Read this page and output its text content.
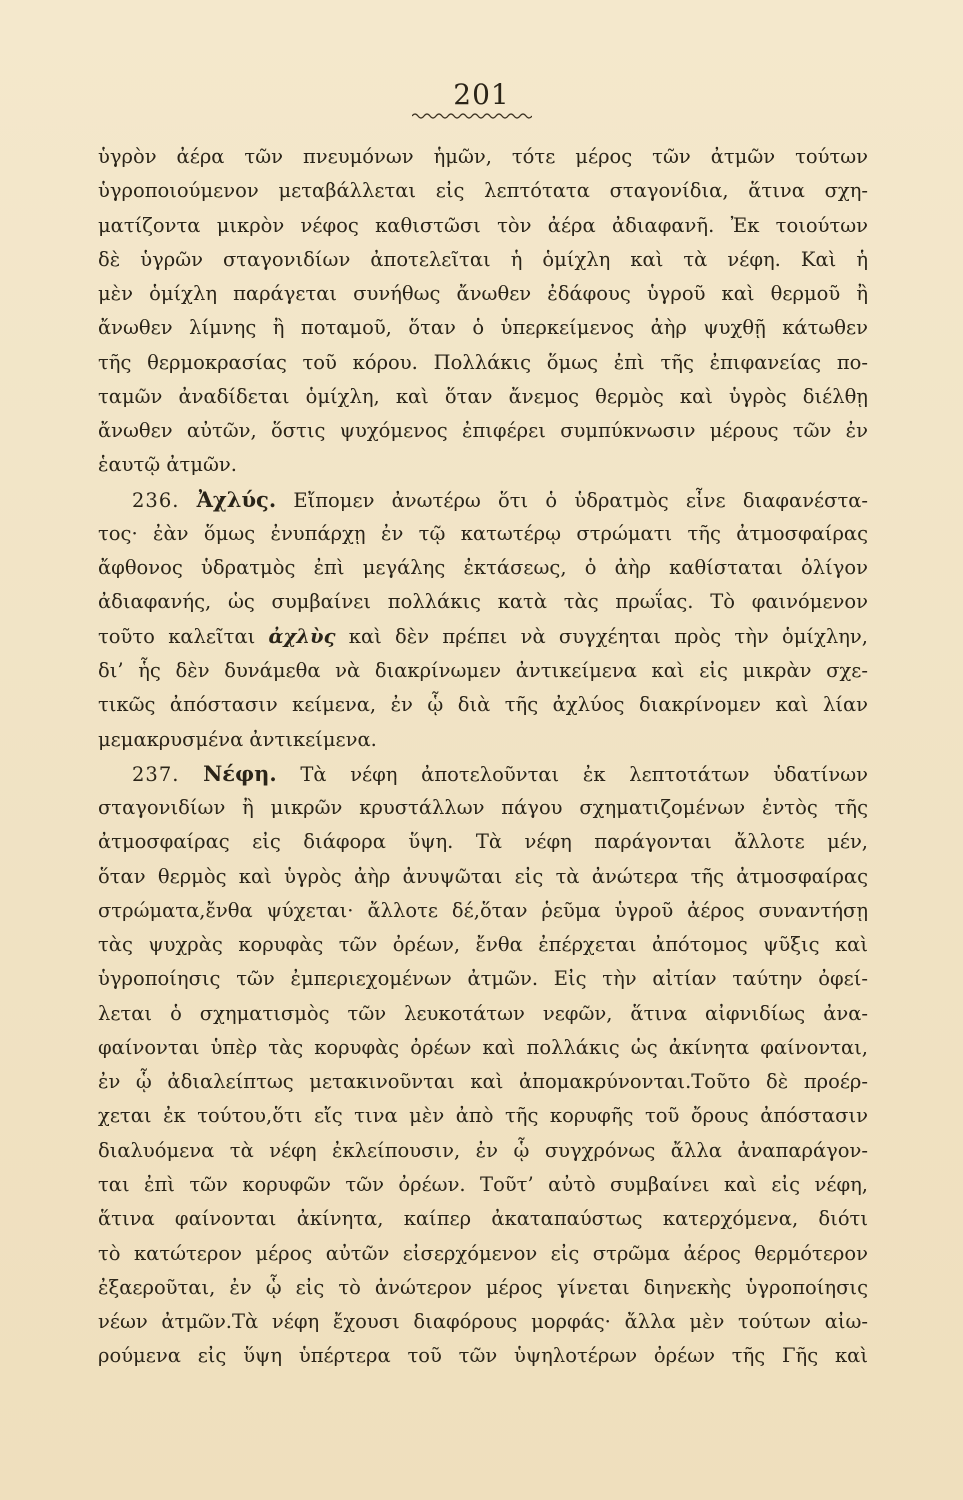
201
ὑγρὸν ἀέρα τῶν πνευμόνων ἡμῶν, τότε μέρος τῶν ἀτμῶν τούτων
ὑγροποιούμενον μεταβάλλεται εἰς λεπτότατα σταγονίδια, ἅτινα σχη-
ματίζοντα μικρὸν νέφος καθιστῶσι τὸν ἀέρα ἀδιαφανῆ. Ἐκ τοιούτων
δὲ ὑγρῶν σταγονιδίων ἀποτελεῖται ἡ ὁμίχλη καὶ τὰ νέφη. Καὶ ἡ
μὲν ὁμίχλη παράγεται συνήθως ἄνωθεν ἐδάφους ὑγροῦ καὶ θερμοῦ ἢ
ἄνωθεν λίμνης ἢ ποταμοῦ, ὅταν ὁ ὑπερκείμενος ἀὴρ ψυχθῇ κάτωθεν
τῆς θερμοκρασίας τοῦ κόρου. Πολλάκις ὅμως ἐπὶ τῆς ἐπιφανείας πο-
ταμῶν ἀναδίδεται ὁμίχλη, καὶ ὅταν ἄνεμος θερμὸς καὶ ὑγρὸς διέλθῃ
ἄνωθεν αὐτῶν, ὅστις ψυχόμενος ἐπιφέρει συμπύκνωσιν μέρους τῶν ἐν
ἑαυτῷ ἀτμῶν.
236. Ἀχλύς. Εἴπομεν ἀνωτέρω ὅτι ὁ ὑδρατμὸς εἶνε διαφανέστα-
τος· ἐὰν ὅμως ἐνυπάρχῃ ἐν τῷ κατωτέρῳ στρώματι τῆς ἀτμοσφαίρας
ἄφθονος ὑδρατμὸς ἐπὶ μεγάλης ἐκτάσεως, ὁ ἀὴρ καθίσταται ὀλίγον
ἀδιαφανής, ὡς συμβαίνει πολλάκις κατὰ τὰς πρωΐας. Τὸ φαινόμενον
τοῦτο καλεῖται ἀχλὺς καὶ δὲν πρέπει νὰ συγχέηται πρὸς τὴν ὁμίχλην,
δι’ ἧς δὲν δυνάμεθα νὰ διακρίνωμεν ἀντικείμενα καὶ εἰς μικρὰν σχε-
τικῶς ἀπόστασιν κείμενα, ἐν ᾧ διὰ τῆς ἀχλύος διακρίνομεν καὶ λίαν
μεμακρυσμένα ἀντικείμενα.
237. Νέφη. Τὰ νέφη ἀποτελοῦνται ἐκ λεπτοτάτων ὑδατίνων
σταγονιδίων ἢ μικρῶν κρυστάλλων πάγου σχηματιζομένων ἐντὸς τῆς
ἀτμοσφαίρας εἰς διάφορα ὕψη. Τὰ νέφη παράγονται ἄλλοτε μέν,
ὅταν θερμὸς καὶ ὑγρὸς ἀὴρ ἀνυψῶται εἰς τὰ ἀνώτερα τῆς ἀτμοσφαίρας
στρώματα,ἔνθα ψύχεται· ἄλλοτε δέ,ὅταν ῥεῦμα ὑγροῦ ἀέρος συναντήσῃ
τὰς ψυχρὰς κορυφὰς τῶν ὀρέων, ἔνθα ἐπέρχεται ἀπότομος ψῦξις καὶ
ὑγροποίησις τῶν ἐμπεριεχομένων ἀτμῶν. Εἰς τὴν αἰτίαν ταύτην ὀφεί-
λεται ὁ σχηματισμὸς τῶν λευκοτάτων νεφῶν, ἅτινα αἰφνιδίως ἀνα-
φαίνονται ὑπὲρ τὰς κορυφὰς ὀρέων καὶ πολλάκις ὡς ἀκίνητα φαίνονται,
ἐν ᾧ ἀδιαλείπτως μετακινοῦνται καὶ ἀπομακρύνονται.Τοῦτο δὲ προέρ-
χεται ἐκ τούτου,ὅτι εἴς τινα μὲν ἀπὸ τῆς κορυφῆς τοῦ ὄρους ἀπόστασιν
διαλυόμενα τὰ νέφη ἐκλείπουσιν, ἐν ᾧ συγχρόνως ἄλλα ἀναπαράγον-
ται ἐπὶ τῶν κορυφῶν τῶν ὀρέων. Τοῦτ’ αὐτὸ συμβαίνει καὶ εἰς νέφη,
ἅτινα φαίνονται ἀκίνητα, καίπερ ἀκαταπαύστως κατερχόμενα, διότι
τὸ κατώτερον μέρος αὐτῶν εἰσερχόμενον εἰς στρῶμα ἀέρος θερμότερον
ἐξαεροῦται, ἐν ᾧ εἰς τὸ ἀνώτερον μέρος γίνεται διηνεκὴς ὑγροποίησις
νέων ἀτμῶν.Τὰ νέφη ἔχουσι διαφόρους μορφάς· ἄλλα μὲν τούτων αἰω-
ρούμενα εἰς ὕψη ὑπέρτερα τοῦ τῶν ὑψηλοτέρων ὀρέων τῆς Γῆς καὶ
